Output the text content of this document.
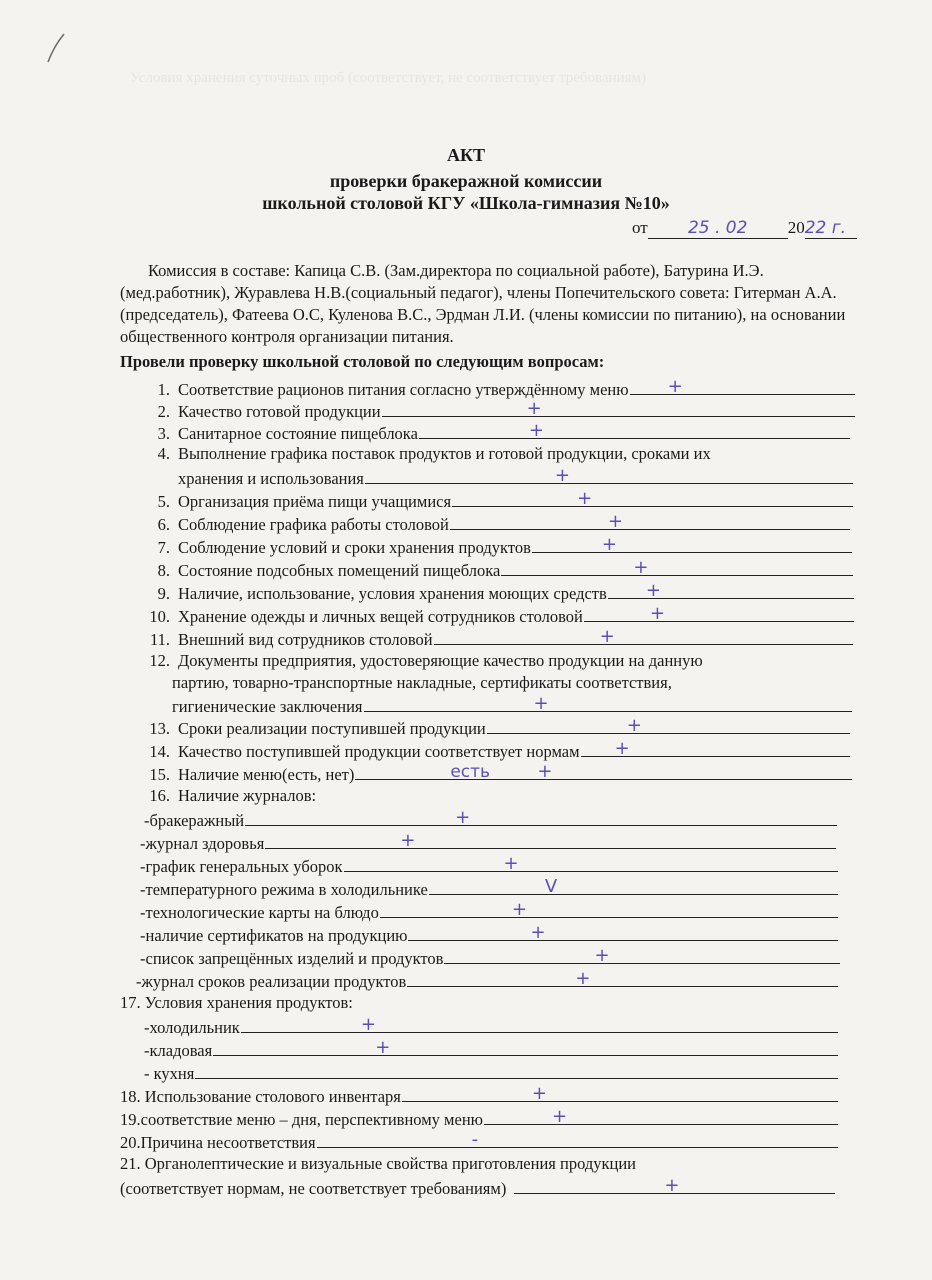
Условия хранения суточных проб (соответствует, не соответствует требованиям)
АКТ
проверки бракеражной комиссии
школьной столовой КГУ «Школа-гимназия №10»
от 25 . 02 2022 г.

Комиссия в составе: Капица С.В. (Зам.директора по социальной работе), Батурина И.Э.(мед.работник), Журавлева Н.В.(социальный педагог), члены Попечительского совета: Гитерман А.А.(председатель), Фатеева О.С, Куленова В.С., Эрдман Л.И. (члены комиссии по питанию), на основании общественного контроля организации питания.

Провели проверку школьной столовой по следующим вопросам:
1. Соответствие рационов питания согласно утверждённому меню +
2. Качество готовой продукции	+
3. Санитарное состояние пищеблока	+
4. Выполнение графика поставок продуктов и готовой продукции, сроками их
хранения и использования	+
5. Организация приёма пищи учащимися	+
6. Соблюдение графика работы столовой	+
7. Соблюдение условий и сроки хранения продуктов	+
8. Состояние подсобных помещений пищеблока	+
9. Наличие, использование, условия хранения моющих средств +
10. Хранение одежды и личных вещей сотрудников столовой	+
11. Внешний вид сотрудников столовой	+
12. Документы предприятия, удостоверяющие качество продукции на данную
партию, товарно-транспортные накладные, сертификаты соответствия,
гигиенические заключения	+
13. Сроки реализации поступившей продукции	+
14. Качество поступившей продукции соответствует нормам +
15. Наличие меню(есть, нет)	есть	+
16. Наличие журналов:
-бракеражный	+
-журнал здоровья	+
-график генеральных уборок	+
-температурного режима в холодильнике	V
-технологические карты на блюдо	+
-наличие сертификатов на продукцию	+
-список запрещённых изделий и продуктов	+
-журнал сроков реализации продуктов	+
17. Условия хранения продуктов:
-холодильник	+
-кладовая	+
- кухня
18. Использование столового инвентаря	+
19.соответствие меню – дня, перспективному меню	+
20.Причина несоответствия	-
21. Органолептические и визуальные свойства приготовления продукции
(соответствует нормам, не соответствует требованиям)	+
